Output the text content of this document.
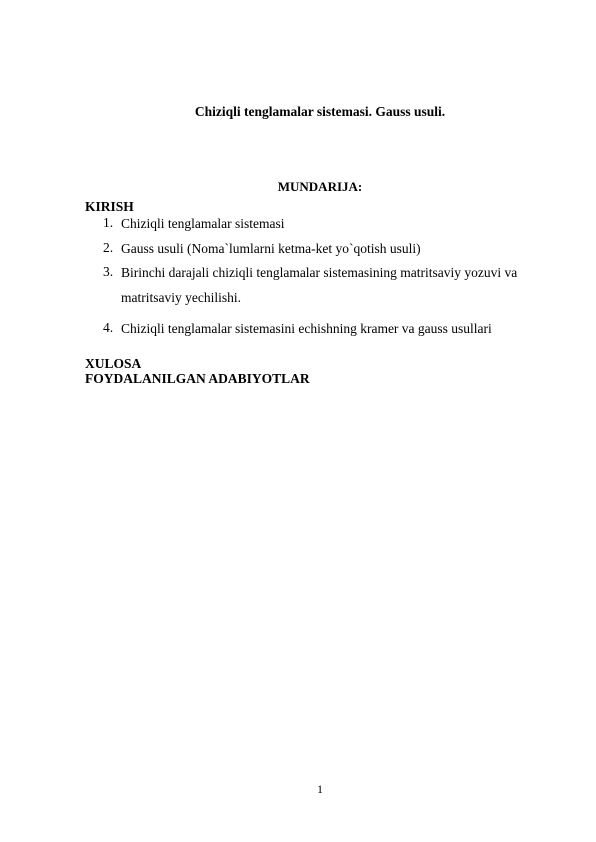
Chiziqli tenglamalar sistemasi. Gauss usuli.
MUNDARIJA:
KIRISH
1. Chiziqli tenglamalar sistemasi
2. Gauss usuli (Noma`lumlarni ketma-ket yo`qotish usuli)
3. Birinchi darajali chiziqli tenglamalar sistemasining matritsaviy yozuvi va matritsaviy yechilishi.
4. Chiziqli tenglamalar sistemasini echishning kramer va gauss usullari
XULOSA
FOYDALANILGAN ADABIYOTLAR
1
